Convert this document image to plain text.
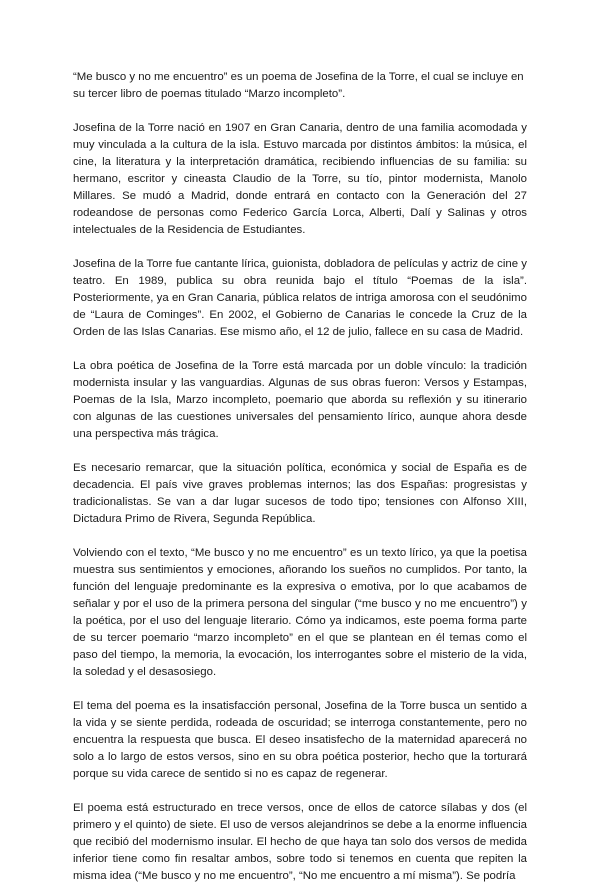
“Me busco y no me encuentro” es un poema de Josefina de la Torre, el cual se incluye en su tercer libro de poemas titulado “Marzo incompleto”.

Josefina de la Torre nació en 1907 en Gran Canaria, dentro de una familia acomodada y muy vinculada a la cultura de la isla. Estuvo marcada por distintos ámbitos: la música, el cine, la literatura y la interpretación dramática, recibiendo influencias de su familia: su hermano, escritor y cineasta Claudio de la Torre, su tío, pintor modernista, Manolo Millares. Se mudó a Madrid, donde entrará en contacto con la Generación del 27 rodeandose de personas como Federico García Lorca, Alberti, Dalí y Salinas y otros intelectuales de la Residencia de Estudiantes.

Josefina de la Torre fue cantante lírica, guionista, dobladora de películas y actriz de cine y teatro. En 1989, publica su obra reunida bajo el título “Poemas de la isla”. Posteriormente, ya en Gran Canaria, pública relatos de intriga amorosa con el seudónimo de “Laura de Cominges”. En 2002, el Gobierno de Canarias le concede la Cruz de la Orden de las Islas Canarias. Ese mismo año, el 12 de julio, fallece en su casa de Madrid.

La obra poética de Josefina de la Torre está marcada por un doble vínculo: la tradición modernista insular y las vanguardias. Algunas de sus obras fueron: Versos y Estampas, Poemas de la Isla, Marzo incompleto, poemario que aborda su reflexión y su itinerario con algunas de las cuestiones universales del pensamiento lírico, aunque ahora desde una perspectiva más trágica.

Es necesario remarcar, que la situación política, económica y social de España es de decadencia. El país vive graves problemas internos; las dos Españas: progresistas y tradicionalistas. Se van a dar lugar sucesos de todo tipo; tensiones con Alfonso XIII, Dictadura Primo de Rivera, Segunda República.

Volviendo con el texto, “Me busco y no me encuentro” es un texto lírico, ya que la poetisa muestra sus sentimientos y emociones, añorando los sueños no cumplidos. Por tanto, la función del lenguaje predominante es la expresiva o emotiva, por lo que acabamos de señalar y por el uso de la primera persona del singular (“me busco y no me encuentro”) y la poética, por el uso del lenguaje literario. Cómo ya indicamos, este poema forma parte de su tercer poemario “marzo incompleto” en el que se plantean en él temas como el paso del tiempo, la memoria, la evocación, los interrogantes sobre el misterio de la vida, la soledad y el desasosiego.

El tema del poema es la insatisfacción personal, Josefina de la Torre busca un sentido a la vida y se siente perdida, rodeada de oscuridad; se interroga constantemente, pero no encuentra la respuesta que busca. El deseo insatisfecho de la maternidad aparecerá no solo a lo largo de estos versos, sino en su obra poética posterior, hecho que la torturará porque su vida carece de sentido si no es capaz de regenerar.

El poema está estructurado en trece versos, once de ellos de catorce sílabas y dos (el primero y el quinto) de siete. El uso de versos alejandrinos se debe a la enorme influencia que recibió del modernismo insular. El hecho de que haya tan solo dos versos de medida inferior tiene como fin resaltar ambos, sobre todo si tenemos en cuenta que repiten la misma idea (“Me busco y no me encuentro”, “No me encuentro a mí misma”). Se podría
